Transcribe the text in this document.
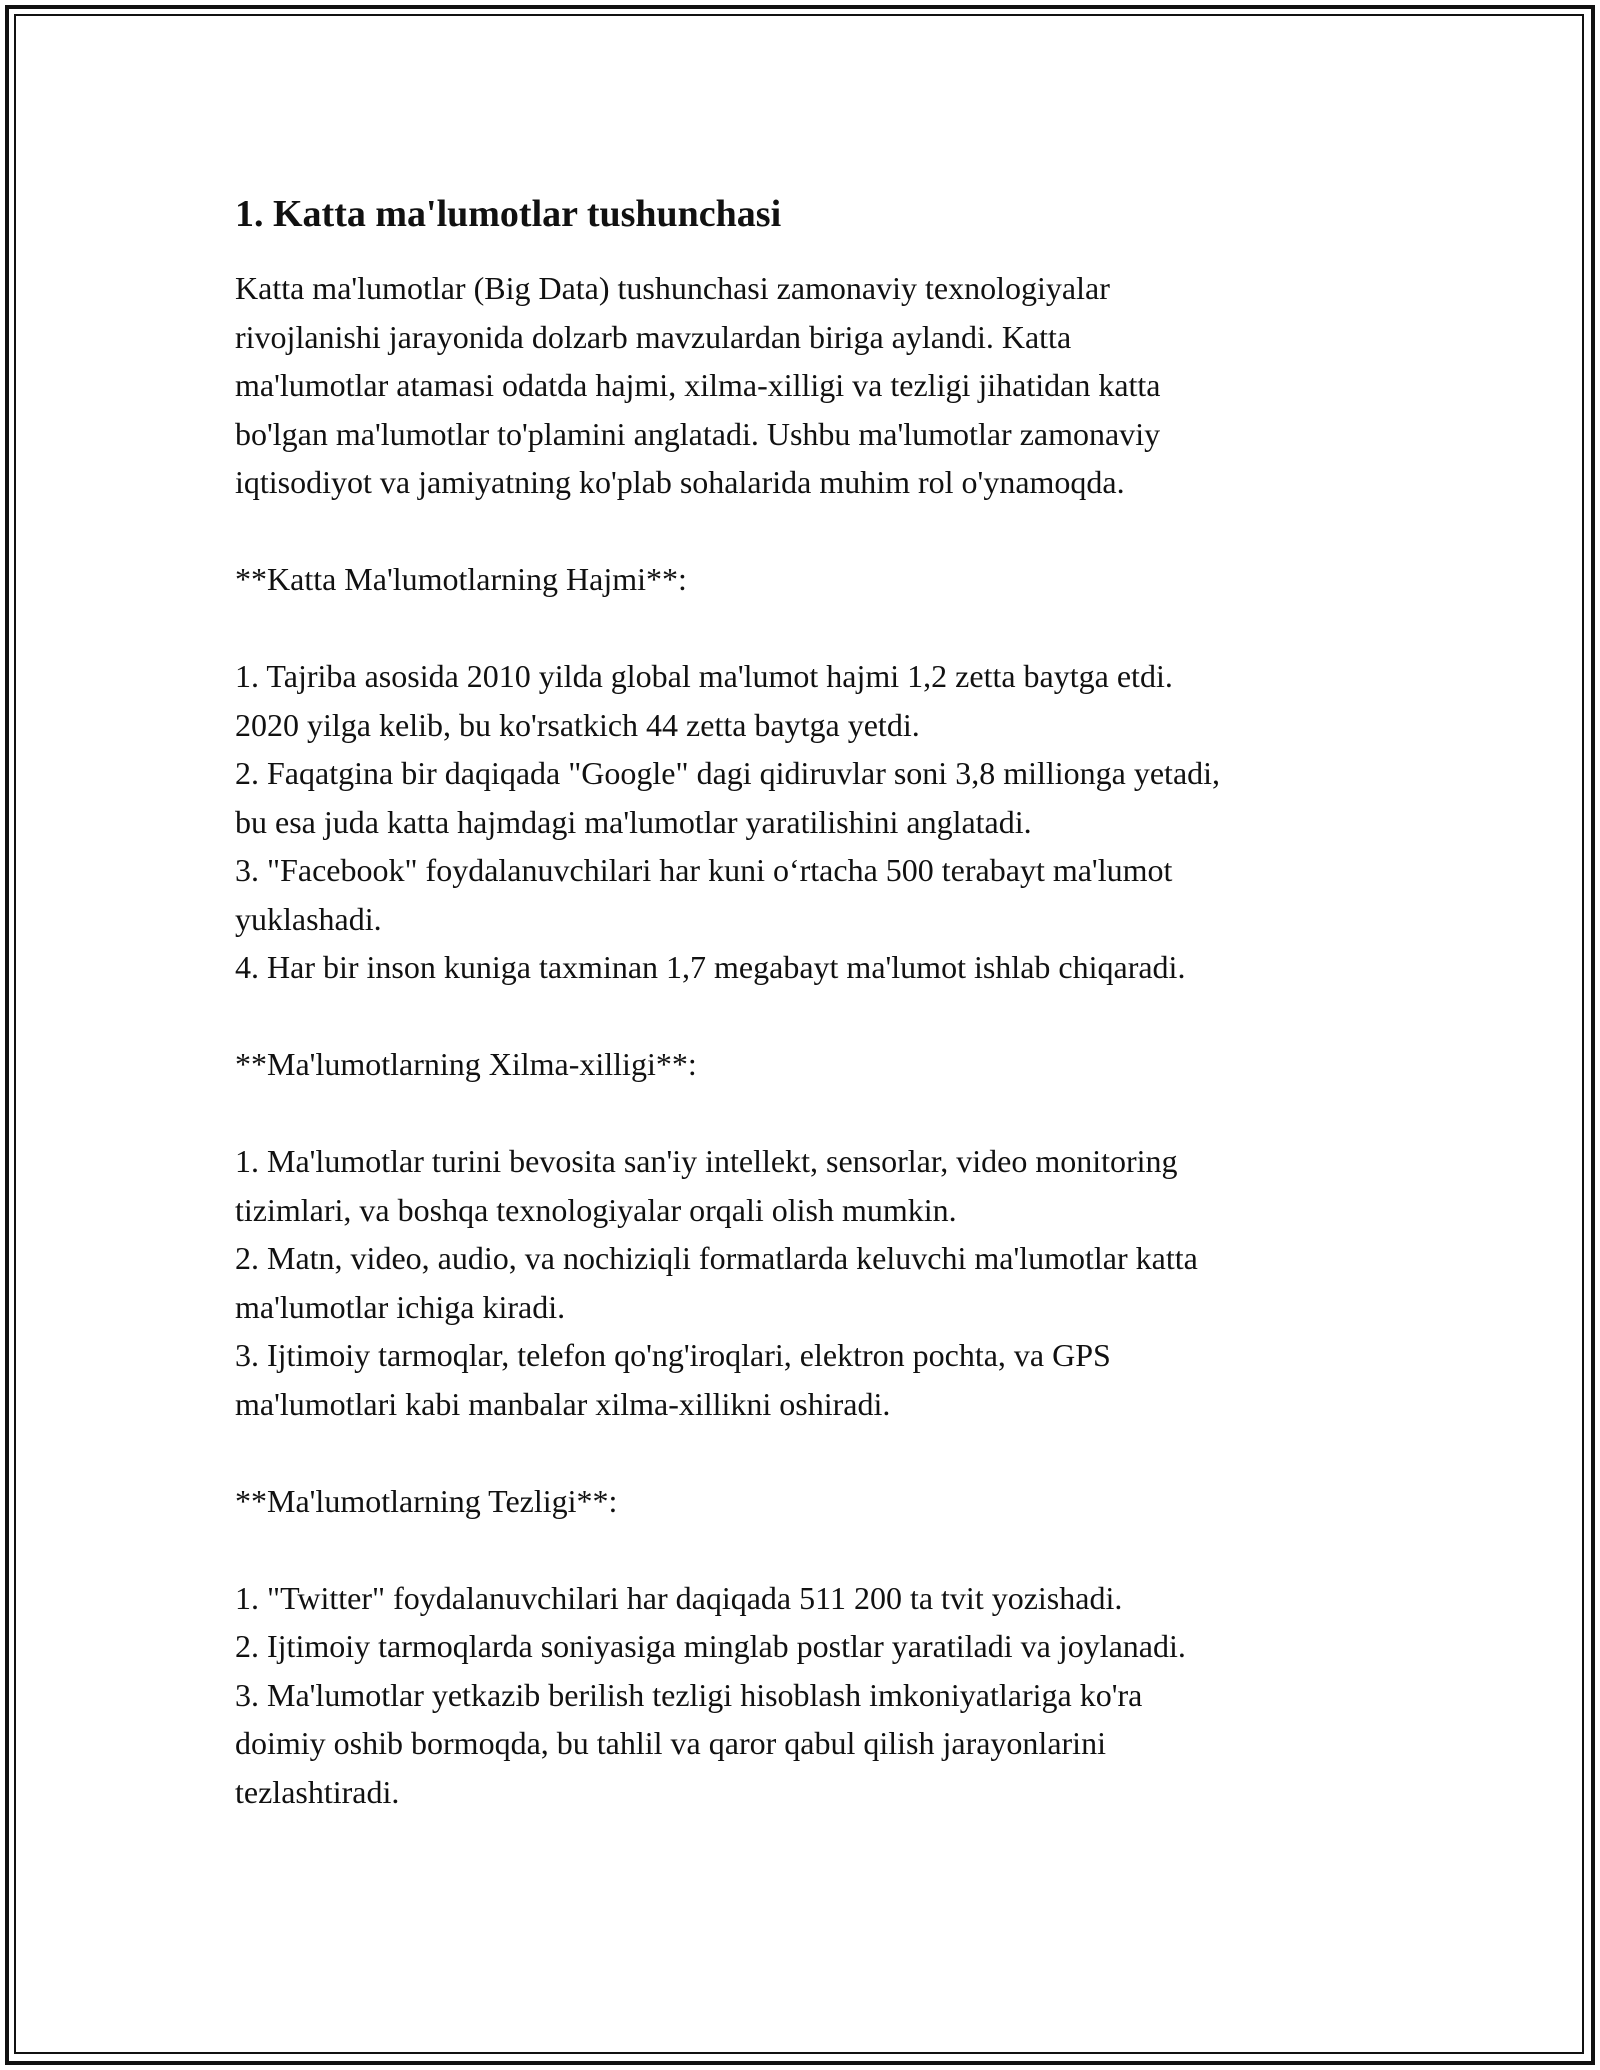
1. Katta ma'lumotlar tushunchasi

Katta ma'lumotlar (Big Data) tushunchasi zamonaviy texnologiyalar

rivojlanishi jarayonida dolzarb mavzulardan biriga aylandi. Katta

ma'lumotlar atamasi odatda hajmi, xilma-xilligi va tezligi jihatidan katta

bo'lgan ma'lumotlar to'plamini anglatadi. Ushbu ma'lumotlar zamonaviy

iqtisodiyot va jamiyatning ko'plab sohalarida muhim rol o'ynamoqda.

**Katta Ma'lumotlarning Hajmi**:

1. Tajriba asosida 2010 yilda global ma'lumot hajmi 1,2 zetta baytga etdi.

2020 yilga kelib, bu ko'rsatkich 44 zetta baytga yetdi.

2. Faqatgina bir daqiqada "Google" dagi qidiruvlar soni 3,8 millionga yetadi,

bu esa juda katta hajmdagi ma'lumotlar yaratilishini anglatadi.

3. "Facebook" foydalanuvchilari har kuni o‘rtacha 500 terabayt ma'lumot

yuklashadi.

4. Har bir inson kuniga taxminan 1,7 megabayt ma'lumot ishlab chiqaradi.

**Ma'lumotlarning Xilma-xilligi**:

1. Ma'lumotlar turini bevosita san'iy intellekt, sensorlar, video monitoring

tizimlari, va boshqa texnologiyalar orqali olish mumkin.

2. Matn, video, audio, va nochiziqli formatlarda keluvchi ma'lumotlar katta

ma'lumotlar ichiga kiradi.

3. Ijtimoiy tarmoqlar, telefon qo'ng'iroqlari, elektron pochta, va GPS

ma'lumotlari kabi manbalar xilma-xillikni oshiradi.

**Ma'lumotlarning Tezligi**:

1. "Twitter" foydalanuvchilari har daqiqada 511 200 ta tvit yozishadi.

2. Ijtimoiy tarmoqlarda soniyasiga minglab postlar yaratiladi va joylanadi.

3. Ma'lumotlar yetkazib berilish tezligi hisoblash imkoniyatlariga ko'ra

doimiy oshib bormoqda, bu tahlil va qaror qabul qilish jarayonlarini

tezlashtiradi.
